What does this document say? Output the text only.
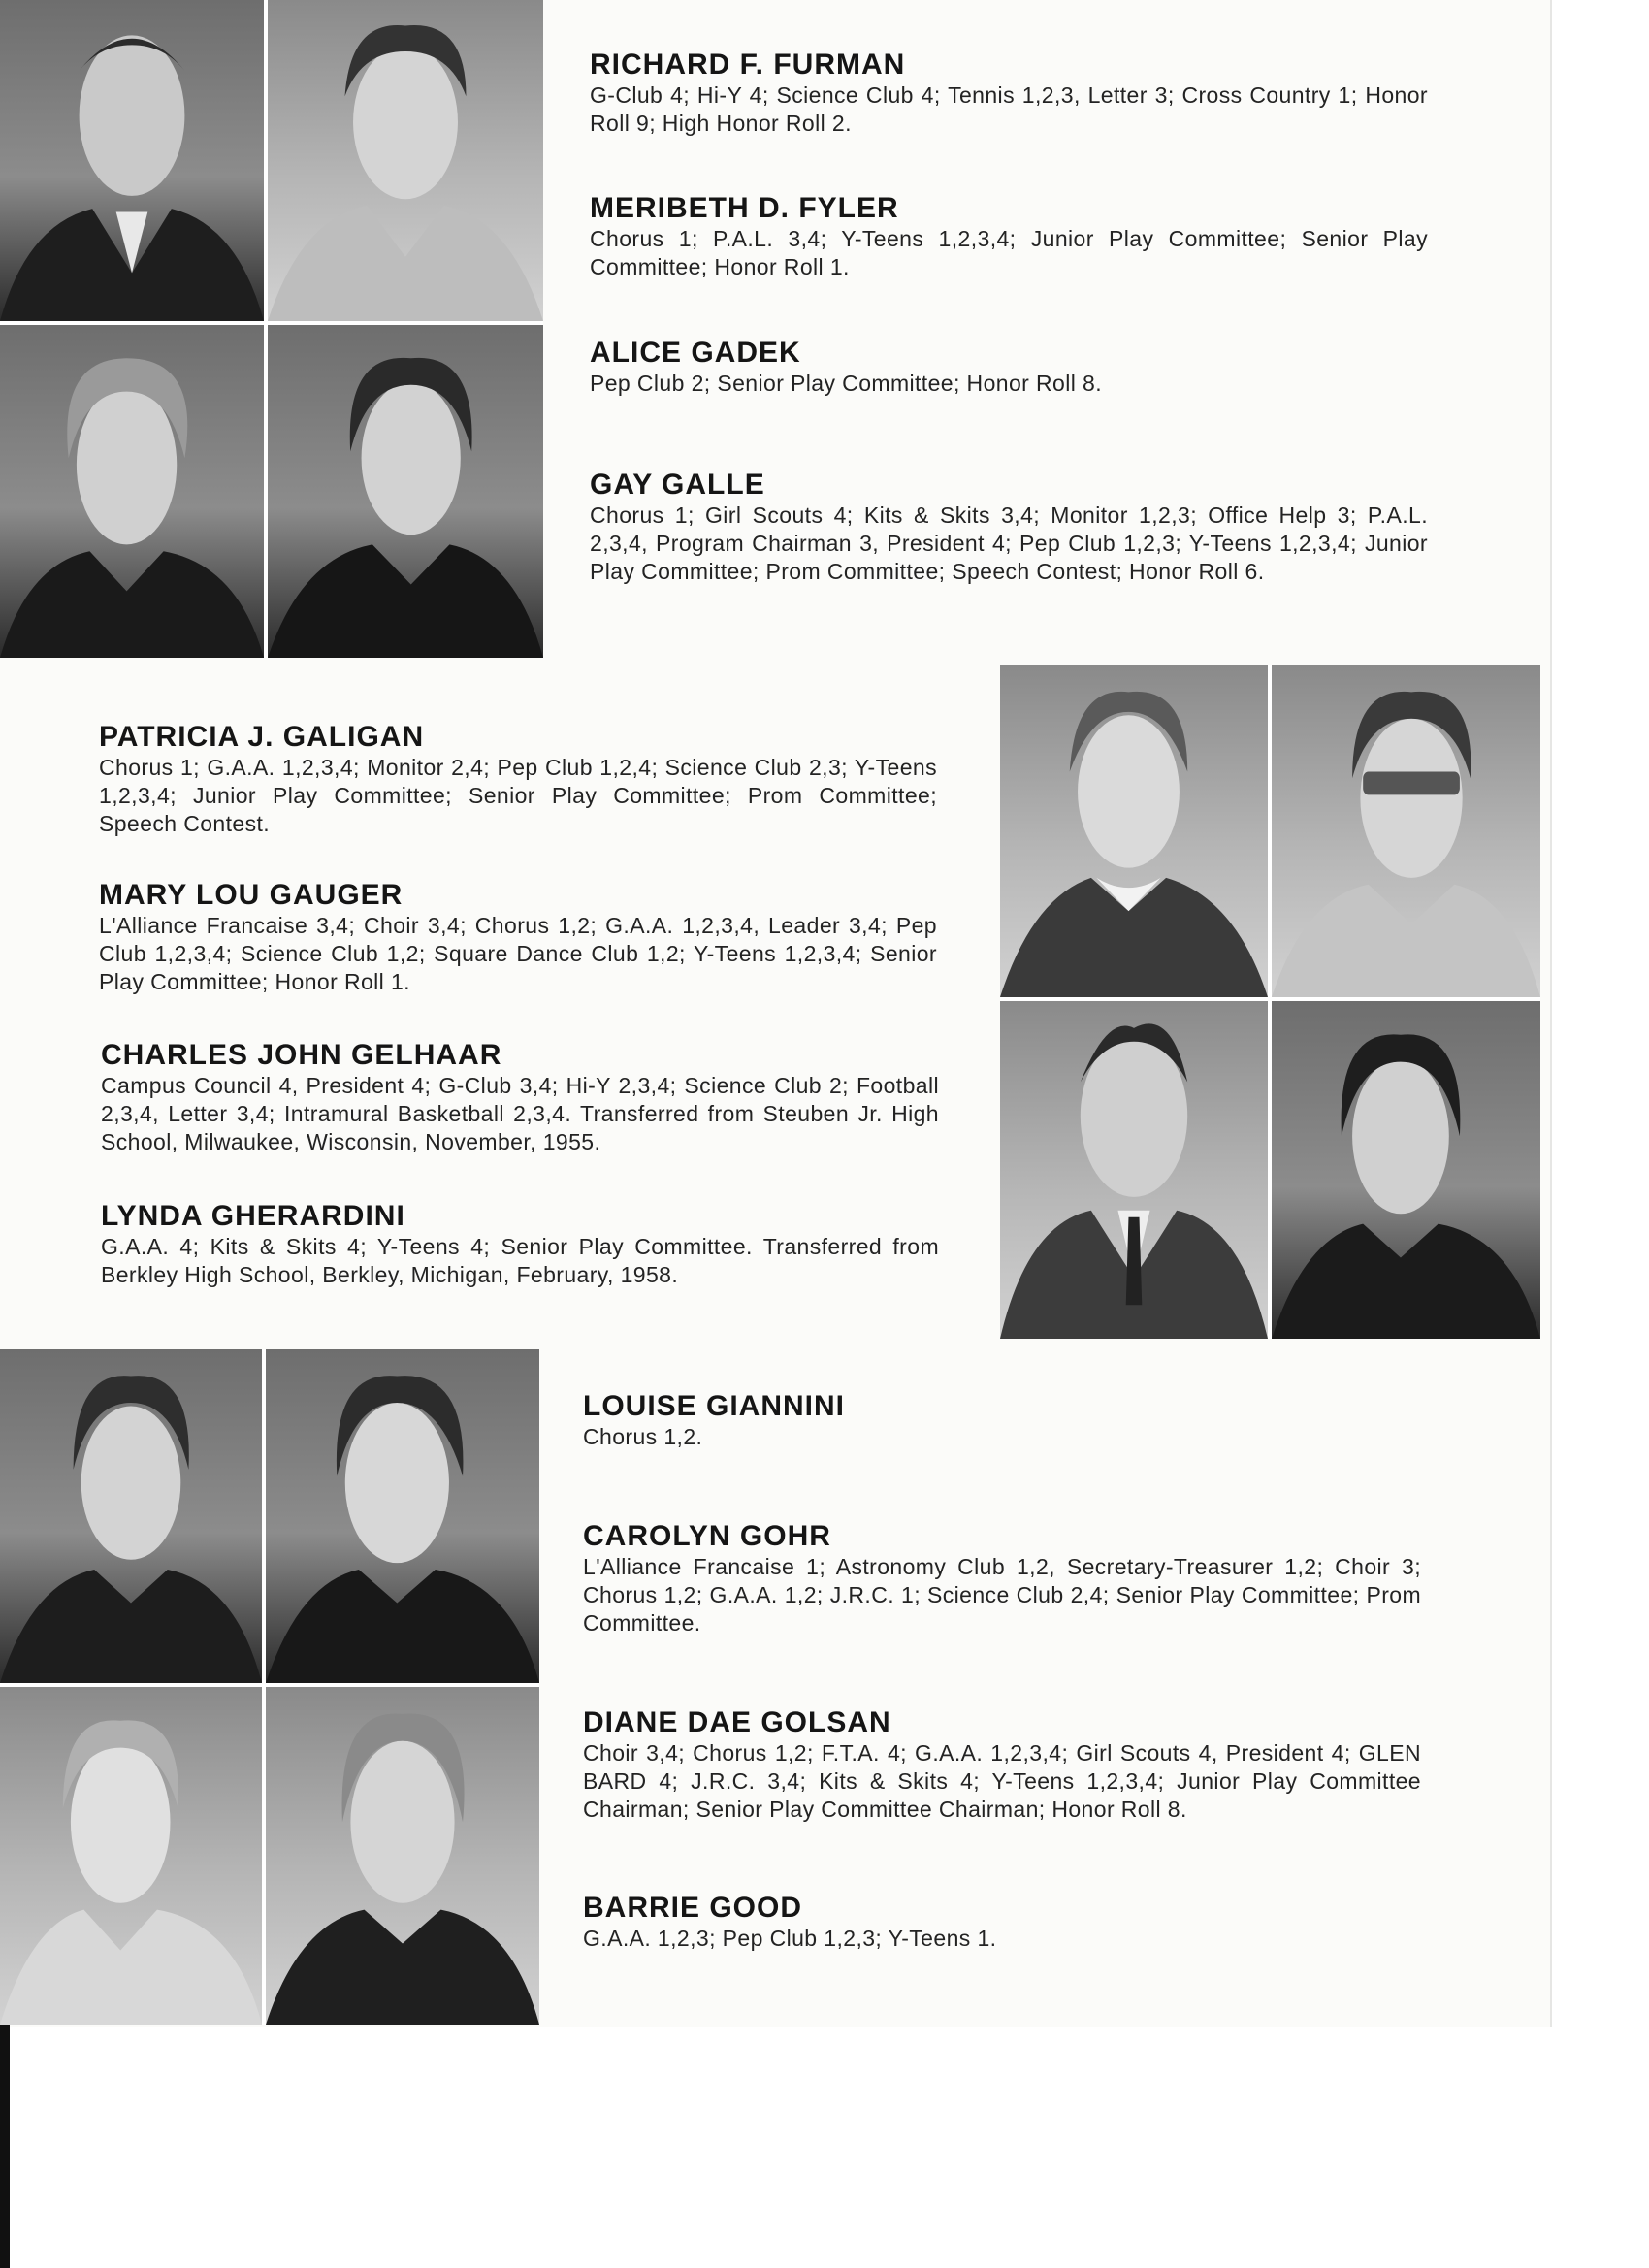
RICHARD F. FURMAN
G-Club 4; Hi-Y 4; Science Club 4; Tennis 1,2,3, Letter 3; Cross Country 1; Honor Roll 9; High Honor Roll 2.
MERIBETH D. FYLER
Chorus 1; P.A.L. 3,4; Y-Teens 1,2,3,4; Junior Play Committee; Senior Play Committee; Honor Roll 1.
ALICE GADEK
Pep Club 2; Senior Play Committee; Honor Roll 8.
GAY GALLE
Chorus 1; Girl Scouts 4; Kits & Skits 3,4; Monitor 1,2,3; Office Help 3; P.A.L. 2,3,4, Program Chairman 3, President 4; Pep Club 1,2,3; Y-Teens 1,2,3,4; Junior Play Committee; Prom Committee; Speech Contest; Honor Roll 6.
PATRICIA J. GALIGAN
Chorus 1; G.A.A. 1,2,3,4; Monitor 2,4; Pep Club 1,2,4; Science Club 2,3; Y-Teens 1,2,3,4; Junior Play Committee; Senior Play Committee; Prom Committee; Speech Contest.
MARY LOU GAUGER
L'Alliance Francaise 3,4; Choir 3,4; Chorus 1,2; G.A.A. 1,2,3,4, Leader 3,4; Pep Club 1,2,3,4; Science Club 1,2; Square Dance Club 1,2; Y-Teens 1,2,3,4; Senior Play Committee; Honor Roll 1.
CHARLES JOHN GELHAAR
Campus Council 4, President 4; G-Club 3,4; Hi-Y 2,3,4; Science Club 2; Football 2,3,4, Letter 3,4; Intramural Basketball 2,3,4. Transferred from Steuben Jr. High School, Milwaukee, Wisconsin, November, 1955.
LYNDA GHERARDINI
G.A.A. 4; Kits & Skits 4; Y-Teens 4; Senior Play Committee. Transferred from Berkley High School, Berkley, Michigan, February, 1958.
LOUISE GIANNINI
Chorus 1,2.
CAROLYN GOHR
L'Alliance Francaise 1; Astronomy Club 1,2, Secretary-Treasurer 1,2; Choir 3; Chorus 1,2; G.A.A. 1,2; J.R.C. 1; Science Club 2,4; Senior Play Committee; Prom Committee.
DIANE DAE GOLSAN
Choir 3,4; Chorus 1,2; F.T.A. 4; G.A.A. 1,2,3,4; Girl Scouts 4, President 4; GLEN BARD 4; J.R.C. 3,4; Kits & Skits 4; Y-Teens 1,2,3,4; Junior Play Committee Chairman; Senior Play Committee Chairman; Honor Roll 8.
BARRIE GOOD
G.A.A. 1,2,3; Pep Club 1,2,3; Y-Teens 1.
